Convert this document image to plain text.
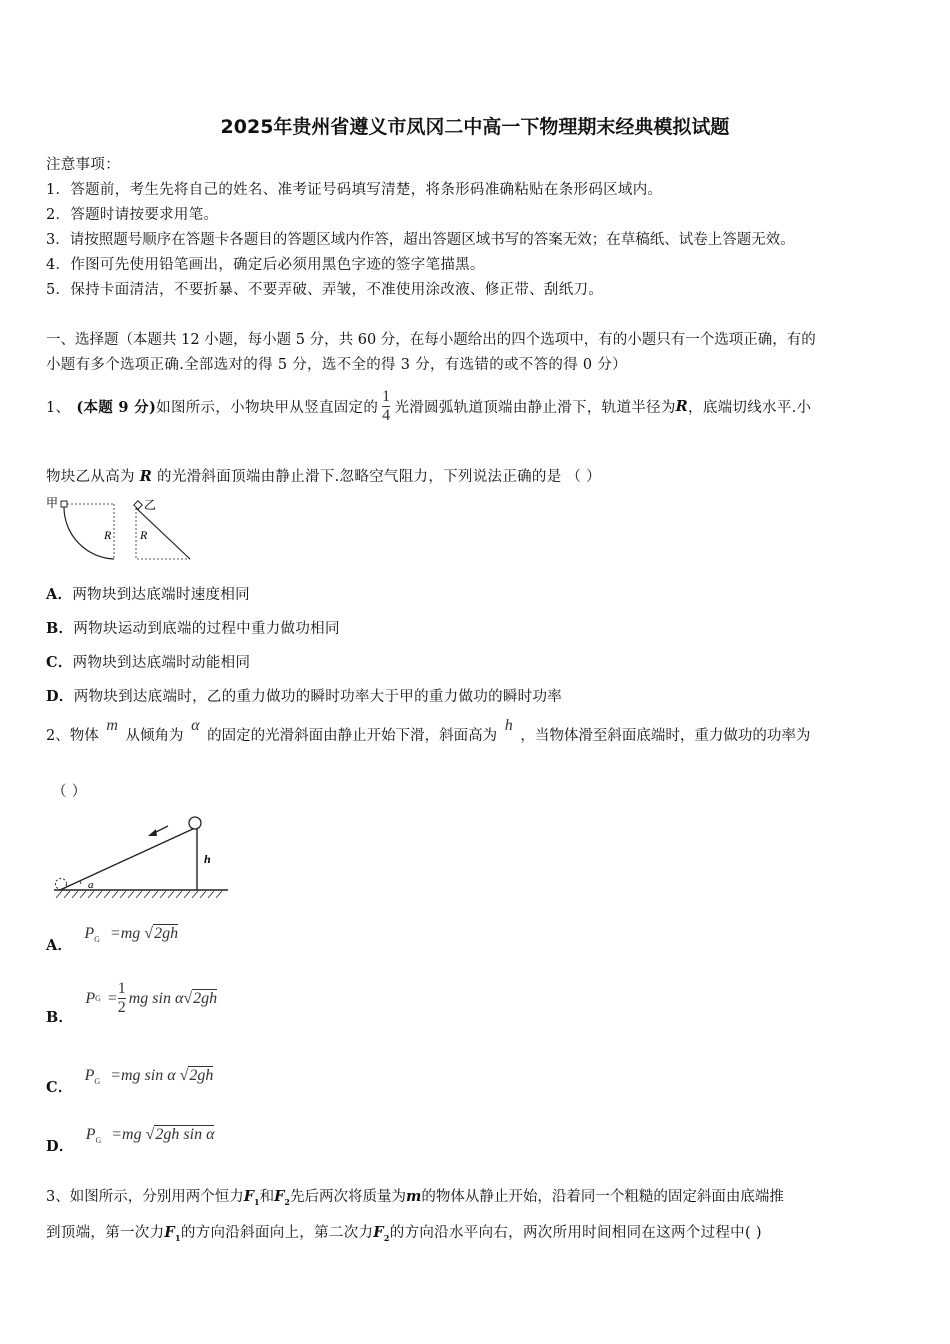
2025年贵州省遵义市凤冈二中高一下物理期末经典模拟试题
注意事项：
1．答题前，考生先将自己的姓名、准考证号码填写清楚，将条形码准确粘贴在条形码区域内。
2．答题时请按要求用笔。
3．请按照题号顺序在答题卡各题目的答题区域内作答，超出答题区域书写的答案无效；在草稿纸、试卷上答题无效。
4．作图可先使用铅笔画出，确定后必须用黑色字迹的签字笔描黑。
5．保持卡面清洁，不要折暴、不要弄破、弄皱，不准使用涂改液、修正带、刮纸刀。
一、选择题（本题共 12 小题，每小题 5 分，共 60 分，在每小题给出的四个选项中，有的小题只有一个选项正确，有的
小题有多个选项正确.全部选对的得 5 分，选不全的得 3 分，有选错的或不答的得 0 分）
1、 (本题 9 分) 如图所示，小物块甲从竖直固定的 $\frac{1}{4}$ 光滑圆弧轨道顶端由静止滑下，轨道半径为 R ，底端切线水平.小
物块乙从高为 R 的光滑斜面顶端由静止滑下.忽略空气阻力，下列说法正确的是 （ ）
甲
R
乙
R
A．两物块到达底端时速度相同
B．两物块运动到底端的过程中重力做功相同
C．两物块到达底端时动能相同
D．两物块到达底端时，乙的重力做功的瞬时功率大于甲的重力做功的瞬时功率
2、物体 m 从倾角为 α 的固定的光滑斜面由静止开始下滑，斜面高为 h ，当物体滑至斜面底端时，重力做功的功率为
（ ）
a
h
A．
$P_G =mg$ √2gh
B．
P $G = \frac{1}{2}$ mg sin α √ 2gh
C．
$P_G =mg$ sin α √2gh
D．
$P_G =mg$ √2gh sin α
3、如图所示，分别用两个恒力$F_1$和$F_2$先后两次将质量为m的物体从静止开始，沿着同一个粗糙的固定斜面由底端推
到顶端，第一次力$F_1$的方向沿斜面向上，第二次力$F_2$的方向沿水平向右，两次所用时间相同在这两个过程中( )
